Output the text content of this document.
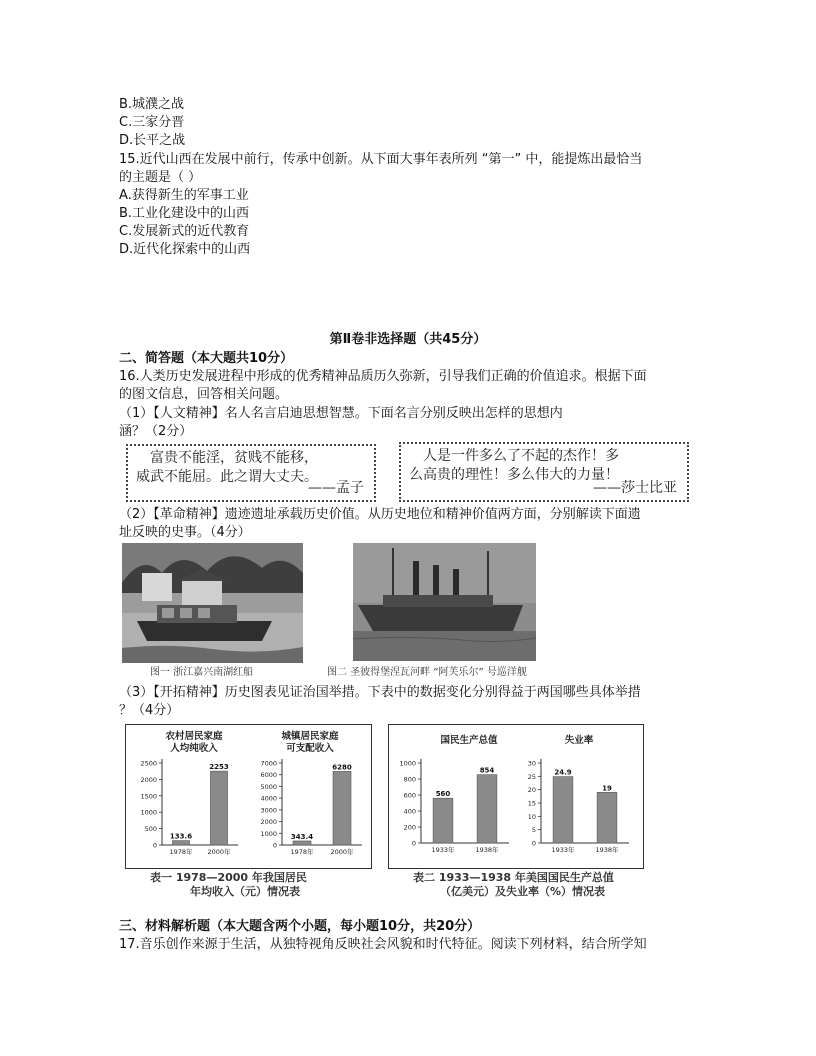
B.城濮之战
C.三家分晋
D.长平之战
15.近代山西在发展中前行，传承中创新。从下面大事年表所列 “第一” 中，能提炼出最恰当
的主题是（ ）
A.获得新生的军事工业
B.工业化建设中的山西
C.发展新式的近代教育
D.近代化探索中的山西
第Ⅱ卷非选择题（共45分）
二、简答题（本大题共10分）
16.人类历史发展进程中形成的优秀精神品质历久弥新，引导我们正确的价值追求。根据下面
的图文信息，回答相关问题。
（1）【人文精神】名人名言启迪思想智慧。下面名言分别反映出怎样的思想内
涵？（2分）
富贵不能淫，贫贱不能移，
威武不能屈。此之谓大丈夫。
——孟子
人是一件多么了不起的杰作！多
么高贵的理性！多么伟大的力量！
——莎士比亚
（2）【革命精神】遗迹遗址承载历史价值。从历史地位和精神价值两方面，分别解读下面遗
址反映的史事。（4分）
图一 浙江嘉兴南湖红船	图二 圣彼得堡涅瓦河畔 “阿芙乐尔” 号巡洋舰
（3）【开拓精神】历史图表见证治国举措。下表中的数据变化分别得益于两国哪些具体举措
？（4分）
农村居民家庭
人均纯收入
城镇居民家庭
可支配收入
0
500
1000
1500
2000
2500
133.6
1978年
2253
2000年
0
1000
2000
3000
4000
5000
6000
7000
343.4
1978年
6280
2000年
表一 1978—2000 年我国居民
年均收入（元）情况表
国民生产总值	失业率
0
200
400
600
800
1000
560
1933年
854
1938年
0
5
10
15
20
25
30
24.9
1933年
19
1938年
表二 1933—1938 年美国国民生产总值
（亿美元）及失业率（%）情况表
三、材料解析题（本大题含两个小题，每小题10分，共20分）
17.音乐创作来源于生活，从独特视角反映社会风貌和时代特征。阅读下列材料，结合所学知
